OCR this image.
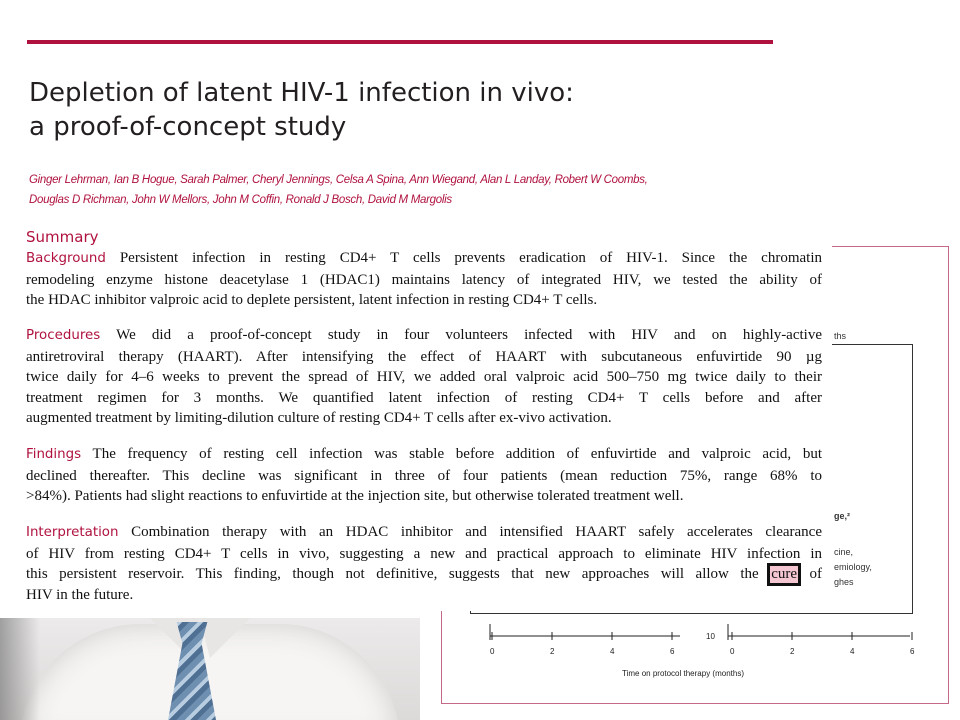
Depletion of latent HIV-1 infection in vivo:
a proof-of-concept study
Ginger Lehrman, Ian B Hogue, Sarah Palmer, Cheryl Jennings, Celsa A Spina, Ann Wiegand, Alan L Landay, Robert W Coombs,
Douglas D Richman, John W Mellors, John M Coffin, Ronald J Bosch, David M Margolis
ths
ge,²
cine,
emiology,
ghes
0	2	4	6	0	2	4	6
10
Time on protocol therapy (months)
Summary
Background Persistent infection in resting CD4+ T cells prevents eradication of HIV-1. Since the chromatin
remodeling enzyme histone deacetylase 1 (HDAC1) maintains latency of integrated HIV, we tested the ability of
the HDAC inhibitor valproic acid to deplete persistent, latent infection in resting CD4+ T cells.
Procedures We did a proof-of-concept study in four volunteers infected with HIV and on highly-active
antiretroviral therapy (HAART). After intensifying the effect of HAART with subcutaneous enfuvirtide 90 µg
twice daily for 4–6 weeks to prevent the spread of HIV, we added oral valproic acid 500–750 mg twice daily to their
treatment regimen for 3 months. We quantified latent infection of resting CD4+ T cells before and after
augmented treatment by limiting-dilution culture of resting CD4+ T cells after ex-vivo activation.
Findings The frequency of resting cell infection was stable before addition of enfuvirtide and valproic acid, but
declined thereafter. This decline was significant in three of four patients (mean reduction 75%, range 68% to
>84%). Patients had slight reactions to enfuvirtide at the injection site, but otherwise tolerated treatment well.
Interpretation Combination therapy with an HDAC inhibitor and intensified HAART safely accelerates clearance
of HIV from resting CD4+ T cells in vivo, suggesting a new and practical approach to eliminate HIV infection in
this persistent reservoir. This finding, though not definitive, suggests that new approaches will allow the cure of
HIV in the future.
